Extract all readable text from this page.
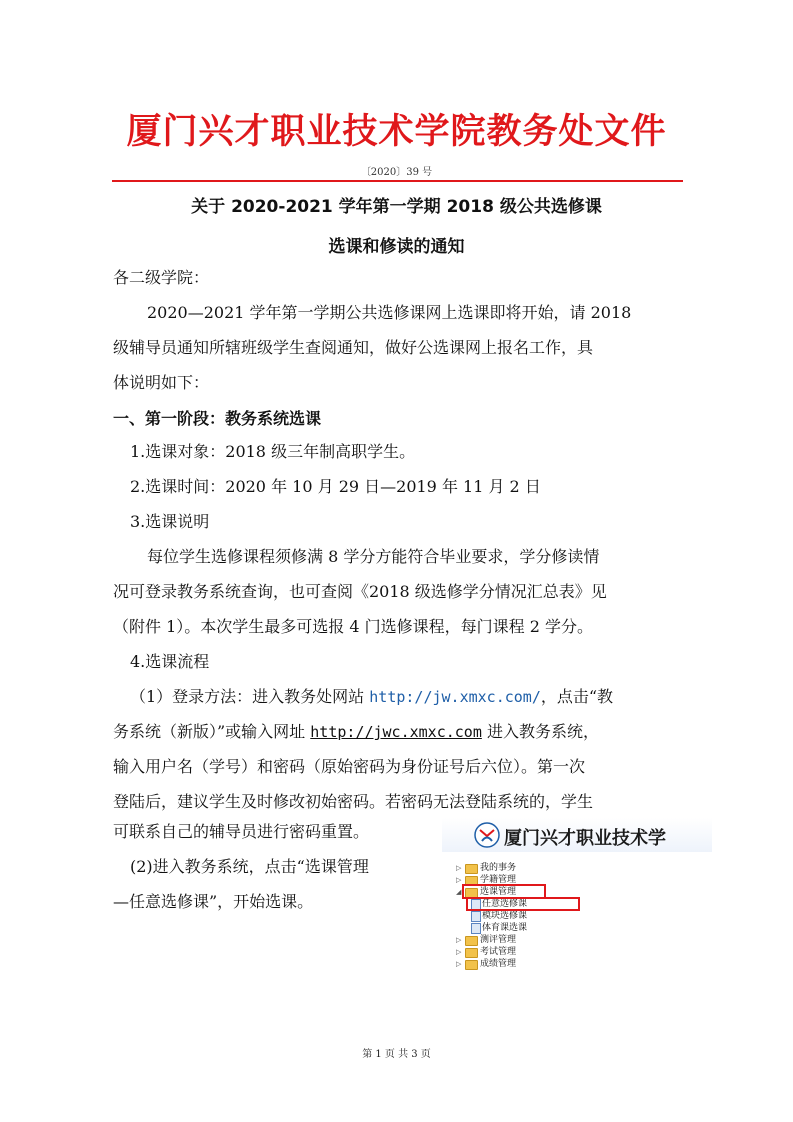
厦门兴才职业技术学院教务处文件
〔2020〕39 号
关于 2020-2021 学年第一学期 2018 级公共选修课
选课和修读的通知
各二级学院：
2020—2021 学年第一学期公共选修课网上选课即将开始，请 2018
级辅导员通知所辖班级学生查阅通知，做好公选课网上报名工作，具
体说明如下：
一、第一阶段：教务系统选课
1.选课对象：2018 级三年制高职学生。
2.选课时间：2020 年 10 月 29 日—2019 年 11 月 2 日
3.选课说明
每位学生选修课程须修满 8 学分方能符合毕业要求，学分修读情
况可登录教务系统查询，也可查阅《2018 级选修学分情况汇总表》见
（附件 1）。本次学生最多可选报 4 门选修课程，每门课程 2 学分。
4.选课流程
（1）登录方法：进入教务处网站 http://jw.xmxc.com/，点击“教
务系统（新版）”或输入网址 http://jwc.xmxc.com 进入教务系统，
输入用户名（学号）和密码（原始密码为身份证号后六位）。第一次
登陆后，建议学生及时修改初始密码。若密码无法登陆系统的，学生
可联系自己的辅导员进行密码重置。
(2)进入教务系统，点击“选课管理
—任意选修课”，开始选课。
厦门兴才职业技术学
▷ 我的事务
▷ 学籍管理
◢ 选课管理
任意选修课
模块选修课
体育课选课
▷ 测评管理
▷ 考试管理
▷ 成绩管理
第 1 页 共 3 页
